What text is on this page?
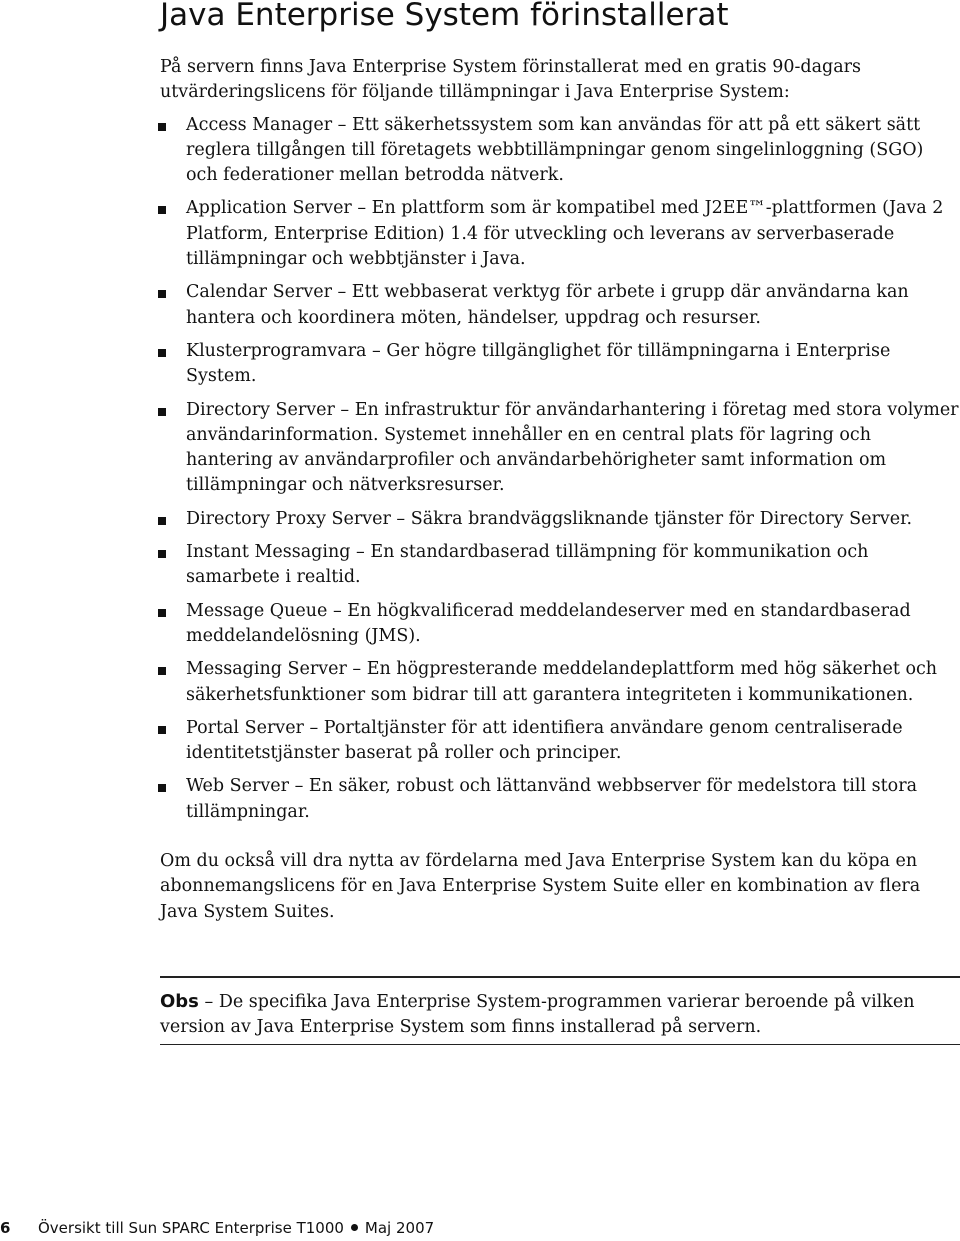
Java Enterprise System förinstallerat

På servern finns Java Enterprise System förinstallerat med en gratis 90-dagars utvärderingslicens för följande tillämpningar i Java Enterprise System:

Access Manager – Ett säkerhetssystem som kan användas för att på ett säkert sätt reglera tillgången till företagets webbtillämpningar genom singelinloggning (SGO) och federationer mellan betrodda nätverk.
Application Server – En plattform som är kompatibel med J2EE™-plattformen (Java 2 Platform, Enterprise Edition) 1.4 för utveckling och leverans av serverbaserade tillämpningar och webbtjänster i Java.
Calendar Server – Ett webbaserat verktyg för arbete i grupp där användarna kan hantera och koordinera möten, händelser, uppdrag och resurser.
Klusterprogramvara – Ger högre tillgänglighet för tillämpningarna i Enterprise System.
Directory Server – En infrastruktur för användarhantering i företag med stora volymer användarinformation. Systemet innehåller en en central plats för lagring och hantering av användarprofiler och användarbehörigheter samt information om tillämpningar och nätverksresurser.
Directory Proxy Server – Säkra brandväggsliknande tjänster för Directory Server.
Instant Messaging – En standardbaserad tillämpning för kommunikation och samarbete i realtid.
Message Queue – En högkvalificerad meddelandeserver med en standardbaserad meddelandelösning (JMS).
Messaging Server – En högpresterande meddelandeplattform med hög säkerhet och säkerhetsfunktioner som bidrar till att garantera integriteten i kommunikationen.
Portal Server – Portaltjänster för att identifiera användare genom centraliserade identitetstjänster baserat på roller och principer.
Web Server – En säker, robust och lättanvänd webbserver för medelstora till stora tillämpningar.

Om du också vill dra nytta av fördelarna med Java Enterprise System kan du köpa en abonnemangslicens för en Java Enterprise System Suite eller en kombination av flera Java System Suites.

Obs – De specifika Java Enterprise System-programmen varierar beroende på vilken version av Java Enterprise System som finns installerad på servern.
6 Översikt till Sun SPARC Enterprise T1000 Maj 2007
